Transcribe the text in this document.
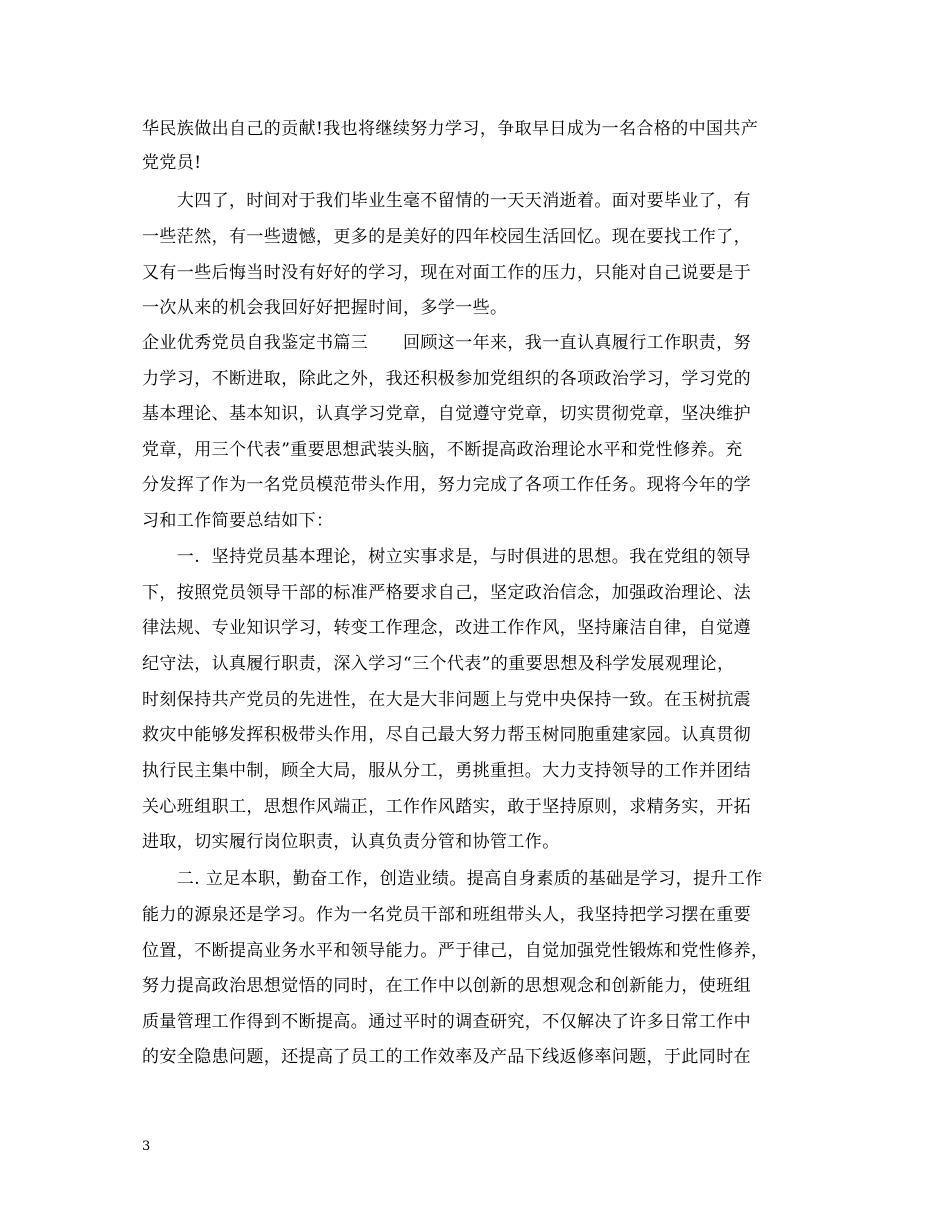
华民族做出自己的贡献!我也将继续努力学习，争取早日成为一名合格的中国共产
党党员!
　　大四了，时间对于我们毕业生毫不留情的一天天消逝着。面对要毕业了，有
一些茫然，有一些遗憾，更多的是美好的四年校园生活回忆。现在要找工作了，
又有一些后悔当时没有好好的学习，现在对面工作的压力，只能对自己说要是于
一次从来的机会我回好好把握时间，多学一些。
企业优秀党员自我鉴定书篇三　　回顾这一年来，我一直认真履行工作职责，努
力学习，不断进取，除此之外，我还积极参加党组织的各项政治学习，学习党的
基本理论、基本知识，认真学习党章，自觉遵守党章，切实贯彻党章，坚决维护
党章，用三个代表”重要思想武装头脑，不断提高政治理论水平和党性修养。充
分发挥了作为一名党员模范带头作用，努力完成了各项工作任务。现将今年的学
习和工作简要总结如下：
　　一.  坚持党员基本理论，树立实事求是，与时俱进的思想。我在党组的领导
下，按照党员领导干部的标准严格要求自己，坚定政治信念，加强政治理论、法
律法规、专业知识学习，转变工作理念，改进工作作风，坚持廉洁自律，自觉遵
纪守法，认真履行职责，深入学习“三个代表”的重要思想及科学发展观理论，
时刻保持共产党员的先进性，在大是大非问题上与党中央保持一致。在玉树抗震
救灾中能够发挥积极带头作用，尽自己最大努力帮玉树同胞重建家园。认真贯彻
执行民主集中制，顾全大局，服从分工，勇挑重担。大力支持领导的工作并团结
关心班组职工，思想作风端正，工作作风踏实，敢于坚持原则，求精务实，开拓
进取，切实履行岗位职责，认真负责分管和协管工作。
　　二. 立足本职，勤奋工作，创造业绩。提高自身素质的基础是学习，提升工作
能力的源泉还是学习。作为一名党员干部和班组带头人，我坚持把学习摆在重要
位置，不断提高业务水平和领导能力。严于律己，自觉加强党性锻炼和党性修养，
努力提高政治思想觉悟的同时，在工作中以创新的思想观念和创新能力，使班组
质量管理工作得到不断提高。通过平时的调查研究，不仅解决了许多日常工作中
的安全隐患问题，还提高了员工的工作效率及产品下线返修率问题，于此同时在
3
